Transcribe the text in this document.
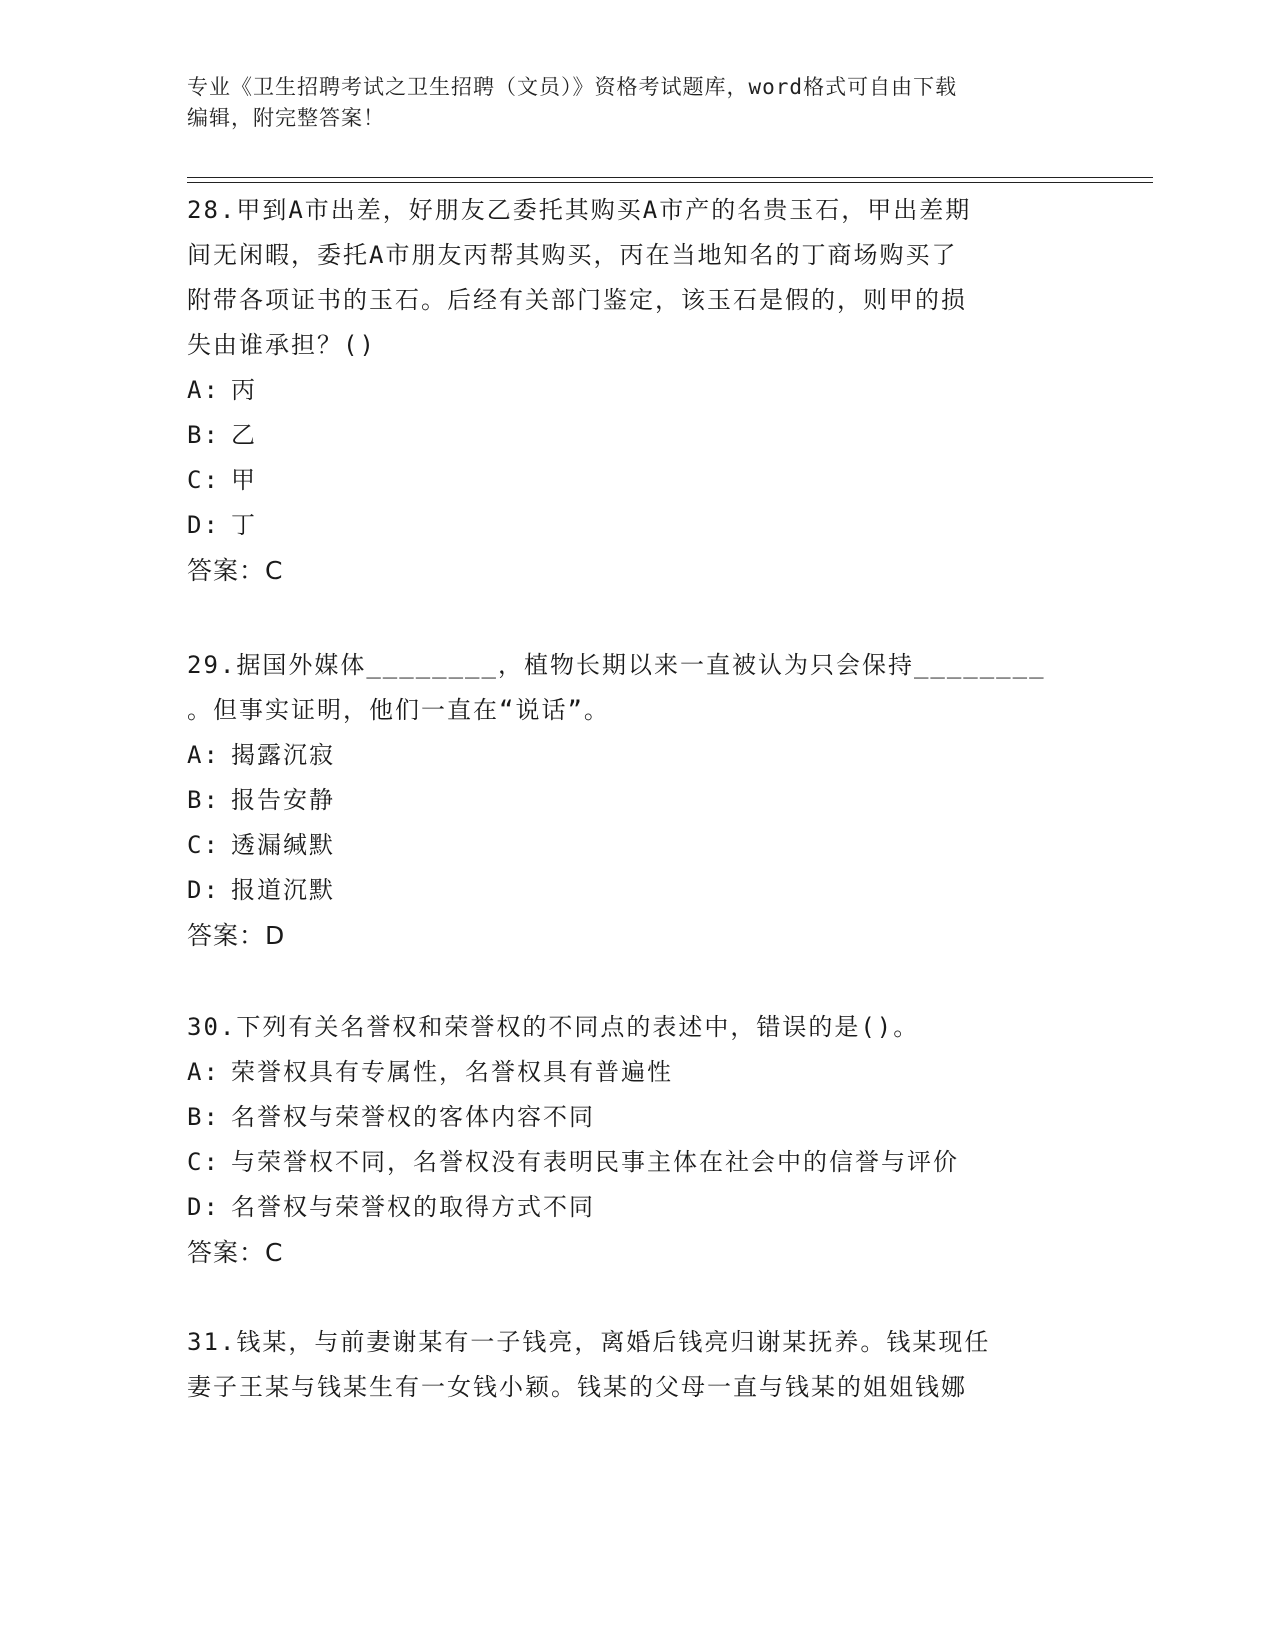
专业《卫生招聘考试之卫生招聘（文员）》资格考试题库，word格式可自由下载
编辑，附完整答案！

28.甲到A市出差，好朋友乙委托其购买A市产的名贵玉石，甲出差期

间无闲暇，委托A市朋友丙帮其购买，丙在当地知名的丁商场购买了

附带各项证书的玉石。后经有关部门鉴定，该玉石是假的，则甲的损

失由谁承担？()

A: 丙

B: 乙

C: 甲

D: 丁

答案：C

29.据国外媒体________，植物长期以来一直被认为只会保持________

。但事实证明，他们一直在“说话”。

A: 揭露沉寂

B: 报告安静

C: 透漏缄默

D: 报道沉默

答案：D

30.下列有关名誉权和荣誉权的不同点的表述中，错误的是()。

A: 荣誉权具有专属性，名誉权具有普遍性

B: 名誉权与荣誉权的客体内容不同

C: 与荣誉权不同，名誉权没有表明民事主体在社会中的信誉与评价

D: 名誉权与荣誉权的取得方式不同

答案：C

31.钱某，与前妻谢某有一子钱亮，离婚后钱亮归谢某抚养。钱某现任

妻子王某与钱某生有一女钱小颖。钱某的父母一直与钱某的姐姐钱娜
